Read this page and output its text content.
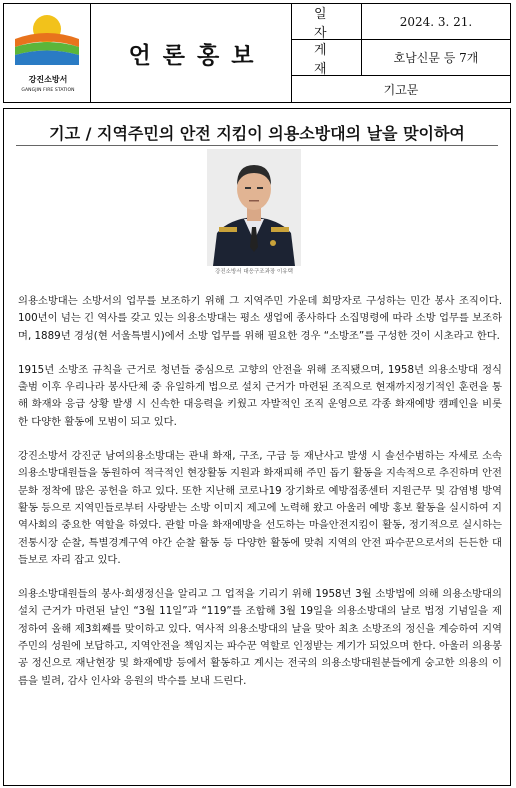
강진소방서
GANGJIN FIRE STATION
언론홍보
일자
2024. 3. 21.
게재
호남신문 등 7개
기고문
기고 / 지역주민의 안전 지킴이 의용소방대의 날을 맞이하여
강진소방서 대응구조과장 이유택

의용소방대는 소방서의 업무를 보조하기 위해 그 지역주민 가운데 희망자로 구성하는 민간 봉사 조직이다. 100년이 넘는 긴 역사를 갖고 있는 의용소방대는 평소 생업에 종사하다 소집명령에 따라 소방 업무를 보조하며, 1889년 경성(현 서울특별시)에서 소방 업무를 위해 필요한 경우 “소방조”를 구성한 것이 시초라고 한다.

1915년 소방조 규칙을 근거로 청년들 중심으로 고향의 안전을 위해 조직됐으며, 1958년 의용소방대 정식 출범 이후 우리나라 봉사단체 중 유일하게 법으로 설치 근거가 마련된 조직으로 현재까지정기적인 훈련을 통해 화재와 응급 상황 발생 시 신속한 대응력을 키웠고 자발적인 조직 운영으로 각종 화재예방 캠페인을 비롯한 다양한 활동에 모범이 되고 있다.

강진소방서 강진군 남여의용소방대는 관내 화재, 구조, 구급 등 재난사고 발생 시 솔선수범하는 자세로 소속 의용소방대원들을 동원하여 적극적인 현장활동 지원과 화재피해 주민 돕기 활동을 지속적으로 추진하며 안전문화 정착에 많은 공헌을 하고 있다. 또한 지난해 코로나19 장기화로 예방접종센터 지원근무 및 감염병 방역활동 등으로 지역민들로부터 사랑받는 소방 이미지 제고에 노력해 왔고 아울러 예방 홍보 활동을 실시하여 지역사회의 중요한 역할을 하였다. 관할 마을 화재예방을 선도하는 마을안전지킴이 활동, 정기적으로 실시하는 전통시장 순찰, 특별경계구역 야간 순찰 활동 등 다양한 활동에 맞춰 지역의 안전 파수꾼으로서의 든든한 대들보로 자리 잡고 있다.

의용소방대원들의 봉사·희생정신을 알리고 그 업적을 기리기 위해 1958년 3월 소방법에 의해 의용소방대의 설치 근거가 마련된 날인 “3월 11일”과 “119”를 조합해 3월 19일을 의용소방대의 날로 법정 기념일을 제정하여 올해 제3회째를 맞이하고 있다. 역사적 의용소방대의 날을 맞아 최초 소방조의 정신을 계승하여 지역주민의 성원에 보답하고, 지역안전을 책임지는 파수꾼 역할로 인정받는 계기가 되었으며 한다. 아울러 의용봉공 정신으로 재난현장 및 화재예방 등에서 활동하고 계시는 전국의 의용소방대원분들에게 숭고한 의용의 이름을 빌려, 감사 인사와 응원의 박수를 보내 드린다.
